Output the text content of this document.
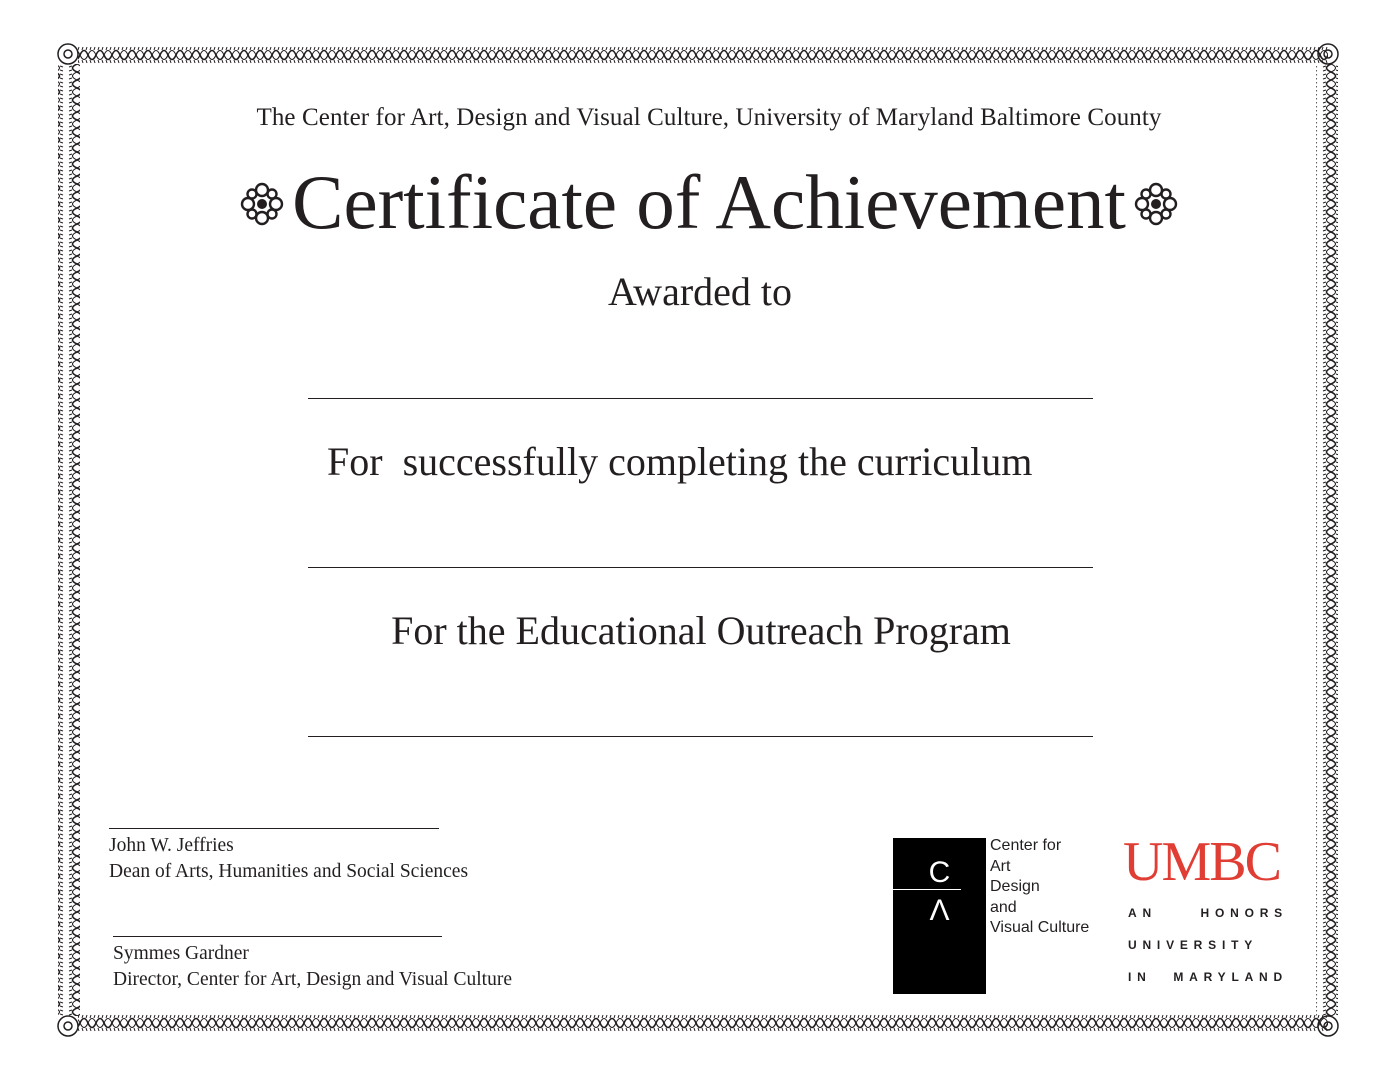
The Center for Art, Design and Visual Culture, University of Maryland Baltimore County
Certificate of Achievement
Awarded to
For  successfully completing the curriculum
For the Educational Outreach Program
John W. Jeffries
Dean of Arts, Humanities and Social Sciences
Symmes Gardner
Director, Center for Art, Design and Visual Culture
C
Λ
Center for
Art
Design
and
Visual Culture
UMBC
AN HONORS
UNIVERSITY
IN MARYLAND
